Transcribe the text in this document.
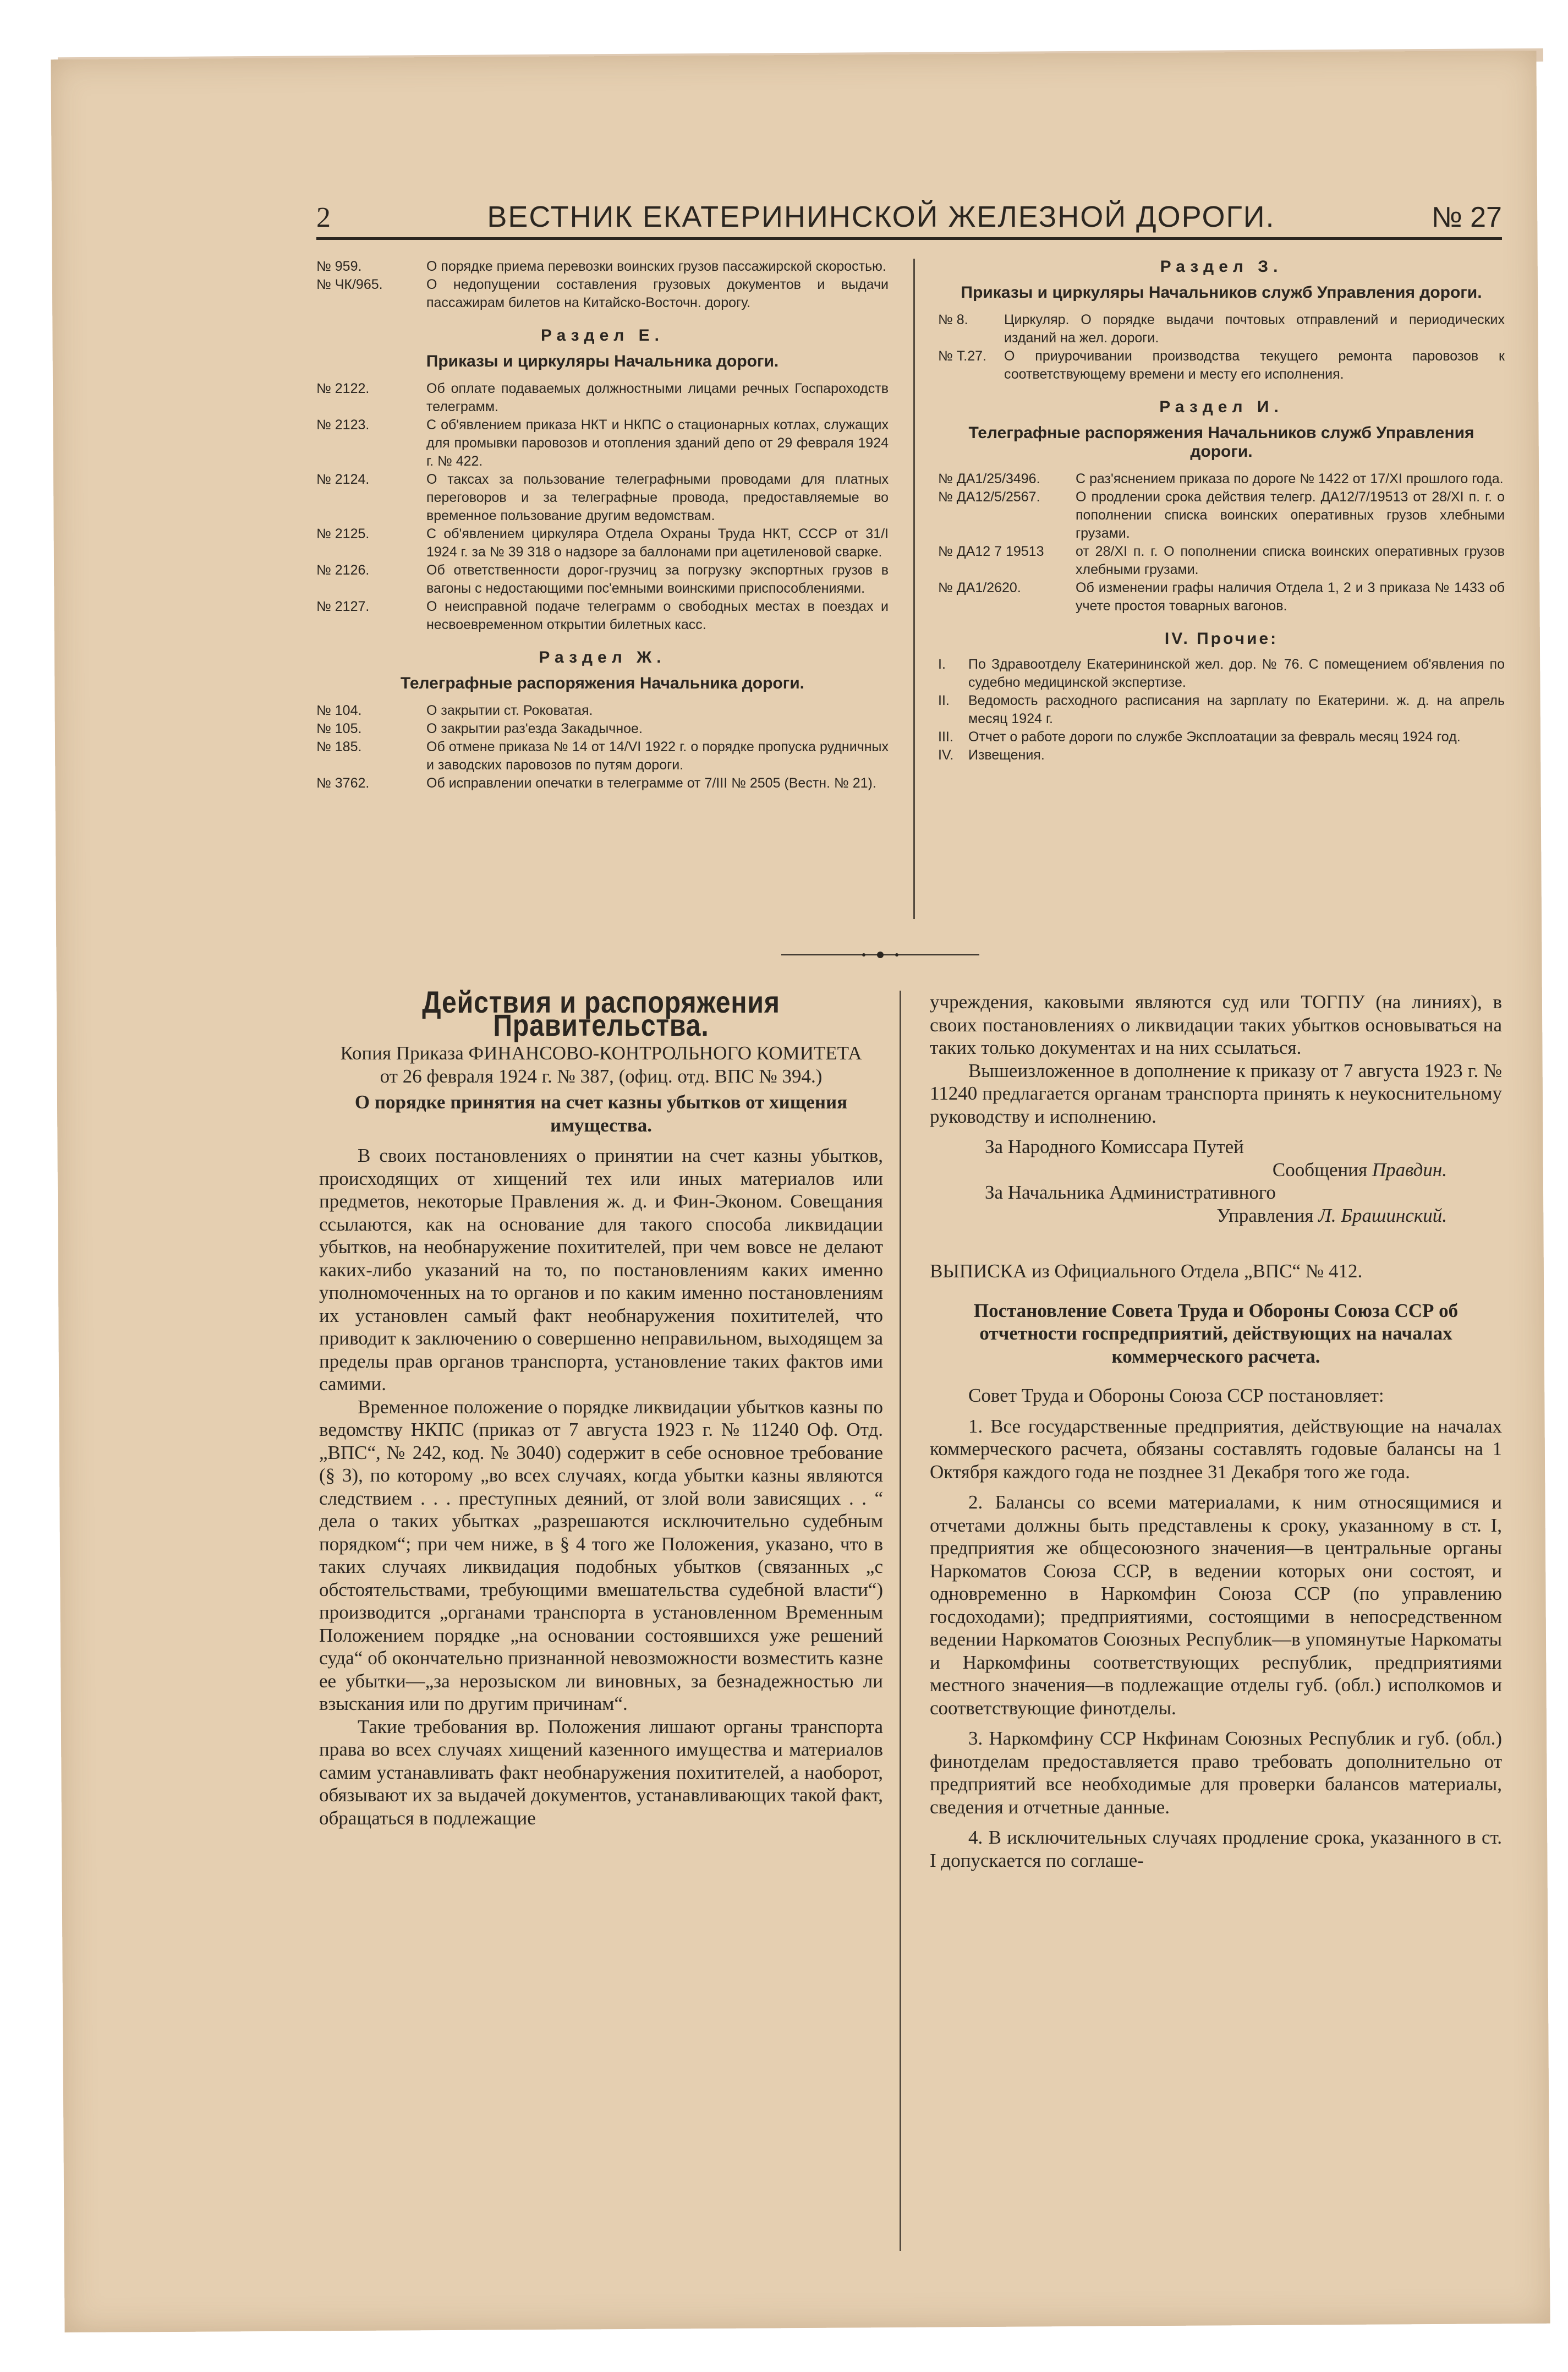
2	ВЕСТНИК ЕКАТЕРИНИНСКОЙ ЖЕЛЕЗНОЙ ДОРОГИ.	№ 27
№ 959.	О порядке приема перевозки воинских грузов пассажирской скоростью.
№ ЧК/965.	О недопущении составления грузовых документов и выдачи пассажирам билетов на Китайско-Восточн. дорогу.
Раздел Е.
Приказы и циркуляры Начальника дороги.
№ 2122.	Об оплате подаваемых должностными лицами речных Госпароходств телеграмм.
№ 2123.	С об'явлением приказа НКТ и НКПС о стационарных котлах, служащих для промывки паровозов и отопления зданий депо от 29 февраля 1924 г. № 422.
№ 2124.	О таксах за пользование телеграфными проводами для платных переговоров и за телеграфные провода, предоставляемые во временное пользование другим ведомствам.
№ 2125.	С об'явлением циркуляра Отдела Охраны Труда НКТ, СССР от 31/I 1924 г. за № 39 318 о надзоре за баллонами при ацетиленовой сварке.
№ 2126.	Об ответственности дорог-грузчиц за погрузку экспортных грузов в вагоны с недостающими пос'емными воинскими приспособлениями.
№ 2127.	О неисправной подаче телеграмм о свободных местах в поездах и несвоевременном открытии билетных касс.
Раздел Ж.
Телеграфные распоряжения Начальника дороги.
№ 104.	О закрытии ст. Роковатая.
№ 105.	О закрытии раз'езда Закадычное.
№ 185.	Об отмене приказа № 14 от 14/VI 1922 г. о порядке пропуска рудничных и заводских паровозов по путям дороги.
№ 3762.	Об исправлении опечатки в телеграмме от 7/III № 2505 (Вестн. № 21).
Раздел З.
Приказы и циркуляры Начальников служб Управления дороги.
№ 8.	Циркуляр. О порядке выдачи почтовых отправлений и периодических изданий на жел. дороги.
№ Т.27.	О приурочивании производства текущего ремонта паровозов к соответствующему времени и месту его исполнения.
Раздел И.
Телеграфные распоряжения Начальников служб Управления дороги.
№ ДА1/25/3496.	С раз'яснением приказа по дороге № 1422 от 17/XI прошлого года.
№ ДА12/5/2567.	О продлении срока действия телегр. ДА12/7/19513 от 28/XI п. г. о пополнении списка воинских оперативных грузов хлебными грузами.
№ ДА12 7 19513	от 28/XI п. г. О пополнении списка воинских оперативных грузов хлебными грузами.
№ ДА1/2620.	Об изменении графы наличия Отдела 1, 2 и 3 приказа № 1433 об учете простоя товарных вагонов.
IV. Прочие:
I.	По Здравоотделу Екатерининской жел. дор. № 76. С помещением об'явления по судебно медицинской экспертизе.
II.	Ведомость расходного расписания на зарплату по Екатерини. ж. д. на апрель месяц 1924 г.
III.	Отчет о работе дороги по службе Эксплоатации за февраль месяц 1924 год.
IV.	Извещения.
Действия и распоряжения Правительства.

Копия Приказа ФИНАНСОВО-КОНТРОЛЬНОГО КОМИТЕТА

от 26 февраля 1924 г. № 387, (офиц. отд. ВПС № 394.)

О порядке принятия на счет казны убытков от хищения имущества.

В своих постановлениях о принятии на счет казны убытков, происходящих от хищений тех или иных материалов или предметов, некоторые Правления ж. д. и Фин-Эконом. Совещания ссылаются, как на основание для такого способа ликвидации убытков, на необнаружение похитителей, при чем вовсе не делают каких-либо указаний на то, по постановлениям каких именно уполномоченных на то органов и по каким именно постановлениям их установлен самый факт необнаружения похитителей, что приводит к заключению о совершенно неправильном, выходящем за пределы прав органов транспорта, установление таких фактов ими самими.

Временное положение о порядке ликвидации убытков казны по ведомству НКПС (приказ от 7 августа 1923 г. № 11240 Оф. Отд. „ВПС“, № 242, код. № 3040) содержит в себе основное требование (§ 3), по которому „во всех случаях, когда убытки казны являются следствием . . . преступных деяний, от злой воли зависящих . . “ дела о таких убытках „разрешаются исключительно судебным порядком“; при чем ниже, в § 4 того же Положения, указано, что в таких случаях ликвидация подобных убытков (связанных „с обстоятельствами, требующими вмешательства судебной власти“) производится „органами транспорта в установленном Временным Положением порядке „на основании состоявшихся уже решений суда“ об окончательно признанной невозможности возместить казне ее убытки—„за нерозыском ли виновных, за безнадежностью ли взыскания или по другим причинам“.

Такие требования вр. Положения лишают органы транспорта права во всех случаях хищений казенного имущества и материалов самим устанавливать факт необнаружения похитителей, а наоборот, обязывают их за выдачей документов, устанавливающих такой факт, обращаться в подлежащие

учреждения, каковыми являются суд или ТОГПУ (на линиях), в своих постановлениях о ликвидации таких убытков основываться на таких только документах и на них ссылаться.

Вышеизложенное в дополнение к приказу от 7 августа 1923 г. № 11240 предлагается органам транспорта принять к неукоснительному руководству и исполнению.

За Народного Комиссара Путей
Сообщения Правдин.
За Начальника Административного
Управления Л. Брашинский.

ВЫПИСКА из Официального Отдела „ВПС“ № 412.

Постановление Совета Труда и Обороны Союза ССР об отчетности госпредприятий, действующих на началах коммерческого расчета.

Совет Труда и Обороны Союза ССР постановляет:

1. Все государственные предприятия, действующие на началах коммерческого расчета, обязаны составлять годовые балансы на 1 Октября каждого года не позднее 31 Декабря того же года.

2. Балансы со всеми материалами, к ним относящимися и отчетами должны быть представлены к сроку, указанному в ст. I, предприятия же общесоюзного значения—в центральные органы Наркоматов Союза ССР, в ведении которых они состоят, и одновременно в Наркомфин Союза ССР (по управлению госдоходами); предприятиями, состоящими в непосредственном ведении Наркоматов Союзных Республик—в упомянутые Наркоматы и Наркомфины соответствующих республик, предприятиями местного значения—в подлежащие отделы губ. (обл.) исполкомов и соответствующие финотделы.

3. Наркомфину ССР Нкфинам Союзных Республик и губ. (обл.) финотделам предоставляется право требовать дополнительно от предприятий все необходимые для проверки балансов материалы, сведения и отчетные данные.

4. В исключительных случаях продление срока, указанного в ст. I допускается по соглаше-
